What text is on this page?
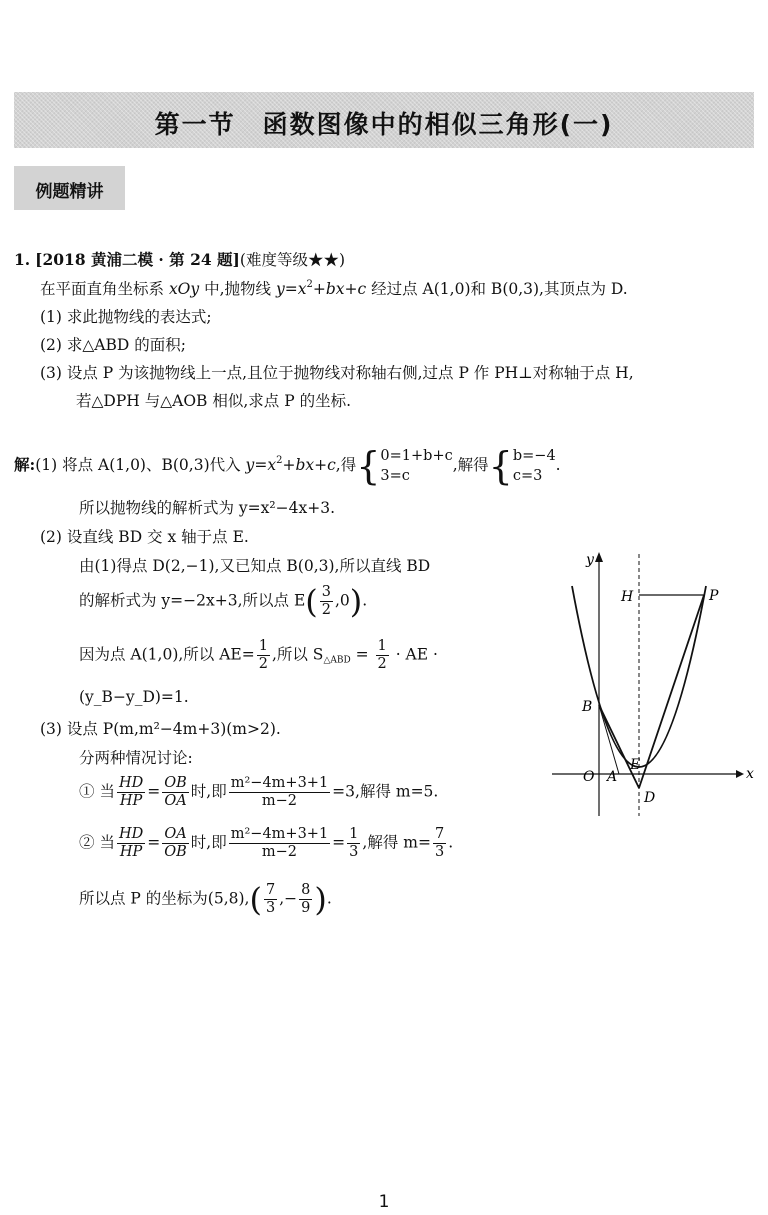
第一节　函数图像中的相似三角形(一)
例题精讲
1. [2018 黄浦二模 · 第 24 题](难度等级★★)
在平面直角坐标系 xOy 中,抛物线 $y=x^2+bx+c$ 经过点 A(1,0)和 B(0,3),其顶点为 D.
(1) 求此抛物线的表达式;
(2) 求△ABD 的面积;
(3) 设点 P 为该抛物线上一点,且位于抛物线对称轴右侧,过点 P 作 PH⊥对称轴于点 H,
若△DPH 与△AOB 相似,求点 P 的坐标.
解:(1) 将点 A(1,0)、B(0,3)代入 $y=x^2+bx+c$,得{ 0=1+b+c
3=c
,解得{ b=−4
c=3
.
所以抛物线的解析式为 y=x²−4x+3.
(2) 设直线 BD 交 x 轴于点 E.
由(1)得点 D(2,−1),又已知点 B(0,3),所以直线 BD
的解析式为 y=−2x+3,所以点 $E( \frac{3}{2} ,0)$.
因为点 A(1,0),所以 $AE= \frac{1}{2}$ ,所以 $S_{\triangle ABD} = \frac{1}{2}$ · AE ·
(y_B−y_D)=1.
(3) 设点 P(m,m²−4m+3)(m>2).
分两种情况讨论:
① 当 $\frac{HD}{HP} = \frac{OB}{OA}$ 时,即 $\frac{\text{m²−4m+3+1}}{m-2} =3$,解得 m=5.
② 当 $\frac{HD}{HP} = \frac{OA}{OB}$ 时,即 $\frac{\text{m²−4m+3+1}}{m-2} = \frac{1}{3}$ ,解得 $m= \frac{7}{3}$ .
所以点 P 的坐标为$(5,8),( \frac{7}{3}$ ,− $\frac{8}{9}$ ).
y
x
O A
B
D
E
H	P
1
